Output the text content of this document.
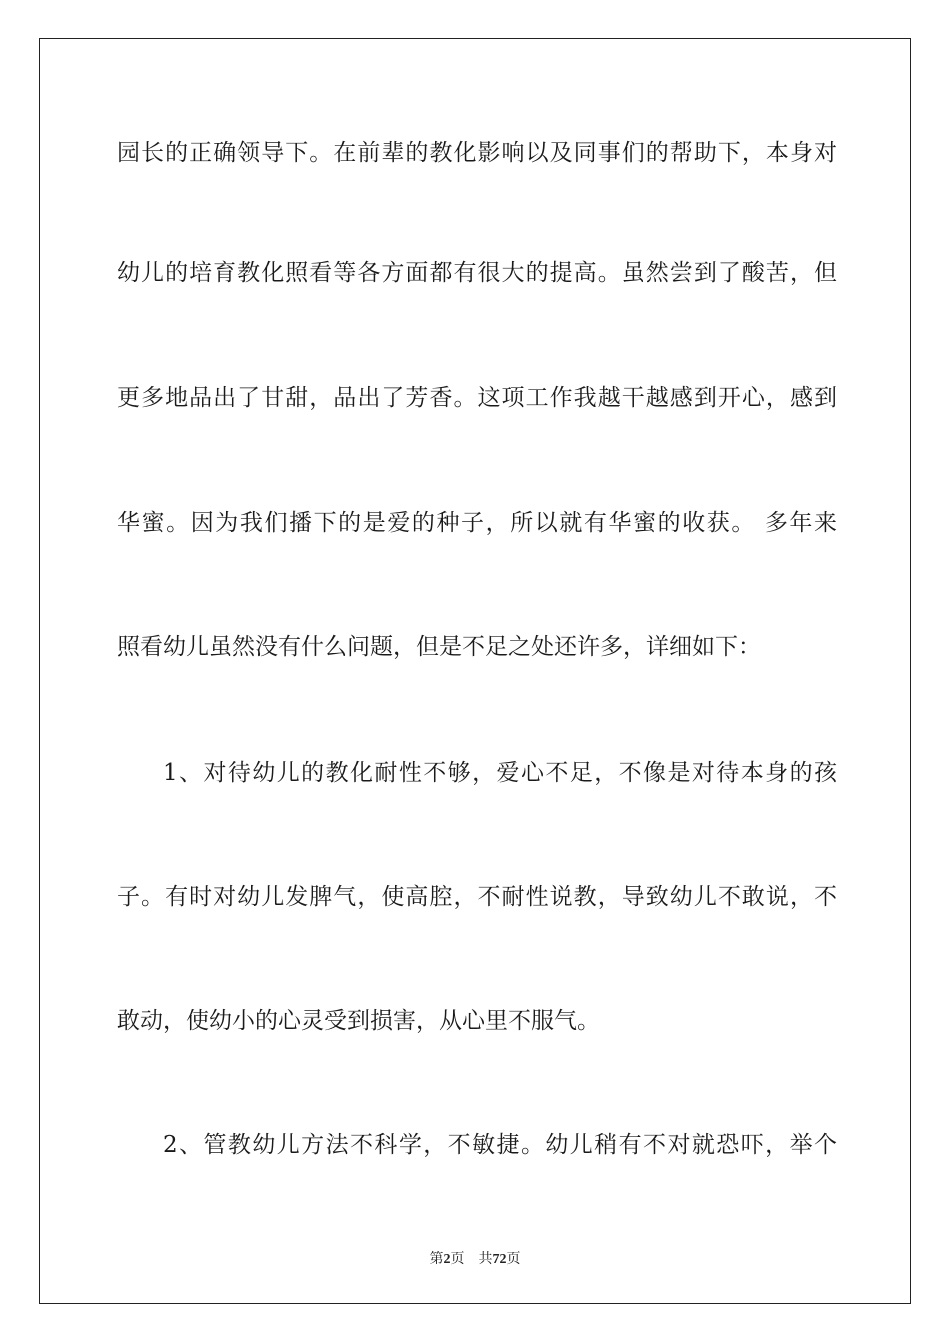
园长的正确领导下。在前辈的教化影响以及同事们的帮助下，本身对
幼儿的培育教化照看等各方面都有很大的提高。虽然尝到了酸苦，但
更多地品出了甘甜，品出了芳香。这项工作我越干越感到开心，感到
华蜜。因为我们播下的是爱的种子，所以就有华蜜的收获。 多年来
照看幼儿虽然没有什么问题，但是不足之处还许多，详细如下：
1、对待幼儿的教化耐性不够，爱心不足，不像是对待本身的孩
子。有时对幼儿发脾气，使高腔，不耐性说教，导致幼儿不敢说，不
敢动，使幼小的心灵受到损害，从心里不服气。
2、管教幼儿方法不科学，不敏捷。幼儿稍有不对就恐吓，举个
第2页 共72页
